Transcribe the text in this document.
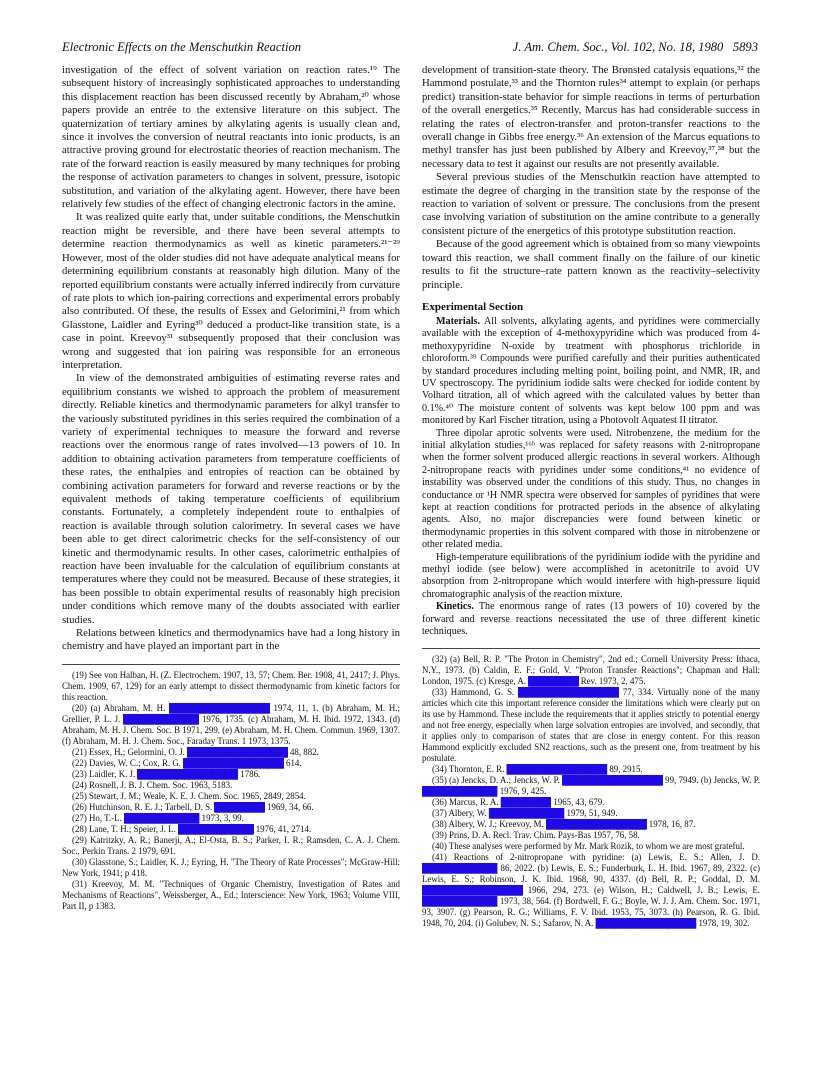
Electronic Effects on the Menschutkin Reaction	J. Am. Chem. Soc., Vol. 102, No. 18, 1980 5893

investigation of the effect of solvent variation on reaction rates.¹⁹ The subsequent history of increasingly sophisticated approaches to understanding this displacement reaction has been discussed recently by Abraham,²⁰ whose papers provide an entrée to the extensive literature on this subject. The quaternization of tertiary amines by alkylating agents is usually clean and, since it involves the conversion of neutral reactants into ionic products, is an attractive proving ground for electrostatic theories of reaction mechanism. The rate of the forward reaction is easily measured by many techniques for probing the response of activation parameters to changes in solvent, pressure, isotopic substitution, and variation of the alkylating agent. However, there have been relatively few studies of the effect of changing electronic factors in the amine.

It was realized quite early that, under suitable conditions, the Menschutkin reaction might be reversible, and there have been several attempts to determine reaction thermodynamics as well as kinetic parameters.²¹⁻²⁹ However, most of the older studies did not have adequate analytical means for determining equilibrium constants at reasonably high dilution. Many of the reported equilibrium constants were actually inferred indirectly from curvature of rate plots to which ion-pairing corrections and experimental errors probably also contributed. Of these, the results of Essex and Gelorimini,²¹ from which Glasstone, Laidler and Eyring³⁰ deduced a product-like transition state, is a case in point. Kreevoy³¹ subsequently proposed that their conclusion was wrong and suggested that ion pairing was responsible for an erroneous interpretation.

In view of the demonstrated ambiguities of estimating reverse rates and equilibrium constants we wished to approach the problem of measurement directly. Reliable kinetics and thermodynamic parameters for alkyl transfer to the variously substituted pyridines in this series required the combination of a variety of experimental techniques to measure the forward and reverse reactions over the enormous range of rates involved—13 powers of 10. In addition to obtaining activation parameters from temperature coefficients of these rates, the enthalpies and entropies of reaction can be obtained by combining activation parameters for forward and reverse reactions or by the equivalent methods of taking temperature coefficients of equilibrium constants. Fortunately, a completely independent route to enthalpies of reaction is available through solution calorimetry. In several cases we have been able to get direct calorimetric checks for the self-consistency of our kinetic and thermodynamic results. In other cases, calorimetric enthalpies of reaction have been invaluable for the calculation of equilibrium constants at temperatures where they could not be measured. Because of these strategies, it has been possible to obtain experimental results of reasonably high precision under conditions which remove many of the doubts associated with earlier studies.

Relations between kinetics and thermodynamics have had a long history in chemistry and have played an important part in the

(19) See von Halban, H. (Z. Electrochem. 1907, 13, 57; Chem. Ber. 1908, 41, 2417; J. Phys. Chem. 1909, 67, 129) for an early attempt to dissect thermodynamic from kinetic factors for this reaction.
(20) (a) Abraham, M. H. ████████████████ 1974, 11, 1. (b) Abraham, M. H.; Grellier, P. L. J. ████████████ 1976, 1735. (c) Abraham, M. H. Ibid. 1972, 1343. (d) Abraham, M. H. J. Chem. Soc. B 1971, 299. (e) Abraham, M. H. Chem. Commun. 1969, 1307. (f) Abraham, M. H. J. Chem. Soc., Faraday Trans. 1 1973, 1375.
(21) Essex, H.; Gelormini, O. J. ████████████████ 48, 882.
(22) Davies, W. C.; Cox, R. G. ████████████████ 614.
(23) Laidler, K. J. ████████████████ 1786.
(24) Rosnell, J. B. J. Chem. Soc. 1963, 5183.
(25) Stewart, J. M.; Weale, K. E. J. Chem. Soc. 1965, 2849, 2854.
(26) Hutchinson, R. E. J.; Tarbell, D. S. ████████ 1969, 34, 66.
(27) Ho, T.-L. ████████████ 1973, 3, 99.
(28) Lane, T. H.; Speier, J. L. ████████████ 1976, 41, 2714.
(29) Katritzky, A. R.; Banerji, A.; El-Osta, B. S.; Parker, I. R.; Ramsden, C. A. J. Chem. Soc., Perkin Trans. 2 1979, 691.
(30) Glasstone, S.; Laidler, K. J.; Eyring, H. "The Theory of Rate Processes"; McGraw-Hill: New York, 1941; p 418.
(31) Kreevoy, M. M. "Techniques of Organic Chemistry, Investigation of Rates and Mechanisms of Reactions", Weissberger, A., Ed.; Interscience: New York, 1963; Volume VIII, Part II, p 1383.

development of transition-state theory. The Brønsted catalysis equations,³² the Hammond postulate,³³ and the Thornton rules³⁴ attempt to explain (or perhaps predict) transition-state behavior for simple reactions in terms of perturbation of the overall energetics.³⁵ Recently, Marcus has had considerable success in relating the rates of electron-transfer and proton-transfer reactions to the overall change in Gibbs free energy.³⁶ An extension of the Marcus equations to methyl transfer has just been published by Albery and Kreevoy,³⁷,³⁸ but the necessary data to test it against our results are not presently available.

Several previous studies of the Menschutkin reaction have attempted to estimate the degree of charging in the transition state by the response of the reaction to variation of solvent or pressure. The conclusions from the present case involving variation of substitution on the amine contribute to a generally consistent picture of the energetics of this prototype substitution reaction.

Because of the good agreement which is obtained from so many viewpoints toward this reaction, we shall comment finally on the failure of our kinetic results to fit the structure–rate pattern known as the reactivity–selectivity principle.

Experimental Section

Materials. All solvents, alkylating agents, and pyridines were commercially available with the exception of 4-methoxypyridine which was produced from 4-methoxypyridine N-oxide by treatment with phosphorus trichloride in chloroform.³⁹ Compounds were purified carefully and their purities authenticated by standard procedures including melting point, boiling point, and NMR, IR, and UV spectroscopy. The pyridinium iodide salts were checked for iodide content by Volhard titration, all of which agreed with the calculated values by better than 0.1%.⁴⁰ The moisture content of solvents was kept below 100 ppm and was monitored by Karl Fischer titration, using a Photovolt Aquatest II titrator.

Three dipolar aprotic solvents were used. Nitrobenzene, the medium for the initial alkylation studies,¹⁶ᵇ was replaced for safety reasons with 2-nitropropane when the former solvent produced allergic reactions in several workers. Although 2-nitropropane reacts with pyridines under some conditions,⁴¹ no evidence of instability was observed under the conditions of this study. Thus, no changes in conductance or ¹H NMR spectra were observed for samples of pyridines that were kept at reaction conditions for protracted periods in the absence of alkylating agents. Also, no major discrepancies were found between kinetic or thermodynamic properties in this solvent compared with those in nitrobenzene or other related media.

High-temperature equilibrations of the pyridinium iodide with the pyridine and methyl iodide (see below) were accomplished in acetonitrile to avoid UV absorption from 2-nitropropane which would interfere with high-pressure liquid chromatographic analysis of the reaction mixture.

Kinetics. The enormous range of rates (13 powers of 10) covered by the forward and reverse reactions necessitated the use of three different kinetic techniques.

(32) (a) Bell, R. P. "The Proton in Chemistry", 2nd ed.; Cornell University Press: Ithaca, N.Y., 1973. (b) Caldin, E. F.; Gold, V. "Proton Transfer Reactions"; Chapman and Hall: London, 1975. (c) Kresge, A. ████████ Rev. 1973, 2, 475.
(33) Hammond, G. S. ████████████████ 77, 334. Virtually none of the many articles which cite this important reference consider the limitations which were clearly put on its use by Hammond. These include the requirements that it applies strictly to potential energy and not free energy, especially when large solvation entropies are involved, and secondly, that it applies only to comparison of states that are close in energy content. For this reason Hammond explicitly excluded SN2 reactions, such as the present one, from treatment by his postulate.
(34) Thornton, E. R. ████████████████ 89, 2915.
(35) (a) Jencks, D. A.; Jencks, W. P. ████████████████ 99, 7949. (b) Jencks, W. P. ████████████ 1976, 9, 425.
(36) Marcus, R. A. ████████ 1965, 43, 679.
(37) Albery, W. ████████████ 1979, 51, 949.
(38) Albery, W. J.; Kreevoy, M. ████████████████ 1978, 16, 87.
(39) Prins, D. A. Recl. Trav. Chim. Pays-Bas 1957, 76, 58.
(40) These analyses were performed by Mr. Mark Rozik, to whom we are most grateful.
(41) Reactions of 2-nitropropane with pyridine: (a) Lewis, E. S.; Allen, J. D. ████████████ 86, 2022. (b) Lewis, E. S.; Funderburk, L. H. Ibid. 1967, 89, 2322. (c) Lewis, E. S.; Robinson, J. K. Ibid. 1968, 90, 4337. (d) Bell, R. P.; Goddal, D. M. ████████████████ 1966, 294, 273. (e) Wilson, H.; Caldwell, J. B.; Lewis, E. ████████████ 1973, 38, 564. (f) Bordwell, F. G.; Boyle, W. J. J. Am. Chem. Soc. 1971, 93, 3907. (g) Pearson, R. G.; Williams, F. V. Ibid. 1953, 75, 3073. (h) Pearson, R. G. Ibid. 1948, 70, 204. (i) Golubev, N. S.; Safarov, N. A. ████████████████ 1978, 19, 302.
